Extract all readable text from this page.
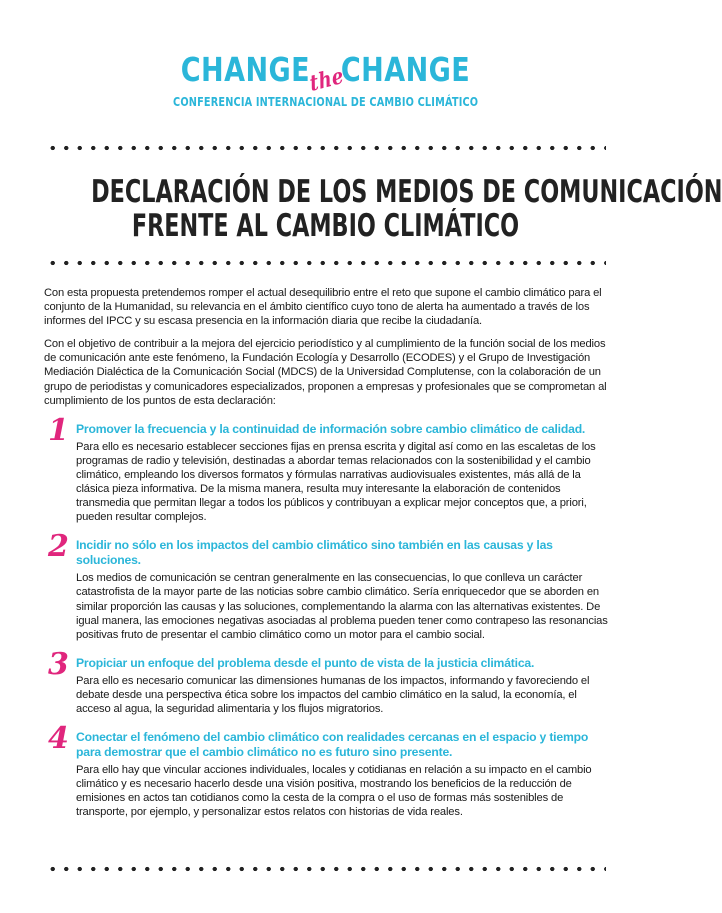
CHANGEtheCHANGE
CONFERENCIA INTERNACIONAL DE CAMBIO CLIMÁTICO
DECLARACIÓN DE LOS MEDIOS DE COMUNICACIÓN
FRENTE AL CAMBIO CLIMÁTICO

Con esta propuesta pretendemos romper el actual desequilibrio entre el reto que supone el cambio climático para el conjunto de la Humanidad, su relevancia en el ámbito científico cuyo tono de alerta ha aumentado a través de los informes del IPCC y su escasa presencia en la información diaria que recibe la ciudadanía.

Con el objetivo de contribuir a la mejora del ejercicio periodístico y al cumplimiento de la función social de los medios de comunicación ante este fenómeno, la Fundación Ecología y Desarrollo (ECODES) y el Grupo de Investigación Mediación Dialéctica de la Comunicación Social (MDCS) de la Universidad Complutense, con la colaboración de un grupo de periodistas y comunicadores especializados, proponen a empresas y profesionales que se comprometan al cumplimiento de los puntos de esta declaración:

1 Promover la frecuencia y la continuidad de información sobre cambio climático de calidad.
Para ello es necesario establecer secciones fijas en prensa escrita y digital así como en las escaletas de los programas de radio y televisión, destinadas a abordar temas relacionados con la sostenibilidad y el cambio climático, empleando los diversos formatos y fórmulas narrativas audiovisuales existentes, más allá de la clásica pieza informativa. De la misma manera, resulta muy interesante la elaboración de contenidos transmedia que permitan llegar a todos los públicos y contribuyan a explicar mejor conceptos que, a priori, pueden resultar complejos.
2 Incidir no sólo en los impactos del cambio climático sino también en las causas y las soluciones.
Los medios de comunicación se centran generalmente en las consecuencias, lo que conlleva un carácter catastrofista de la mayor parte de las noticias sobre cambio climático. Sería enriquecedor que se aborden en similar proporción las causas y las soluciones, complementando la alarma con las alternativas existentes. De igual manera, las emociones negativas asociadas al problema pueden tener como contrapeso las resonancias positivas fruto de presentar el cambio climático como un motor para el cambio social.
3 Propiciar un enfoque del problema desde el punto de vista de la justicia climática.
Para ello es necesario comunicar las dimensiones humanas de los impactos, informando y favoreciendo el debate desde una perspectiva ética sobre los impactos del cambio climático en la salud, la economía, el acceso al agua, la seguridad alimentaria y los flujos migratorios.
4 Conectar el fenómeno del cambio climático con realidades cercanas en el espacio y tiempo para demostrar que el cambio climático no es futuro sino presente.
Para ello hay que vincular acciones individuales, locales y cotidianas en relación a su impacto en el cambio climático y es necesario hacerlo desde una visión positiva, mostrando los beneficios de la reducción de emisiones en actos tan cotidianos como la cesta de la compra o el uso de formas más sostenibles de transporte, por ejemplo, y personalizar estos relatos con historias de vida reales.
